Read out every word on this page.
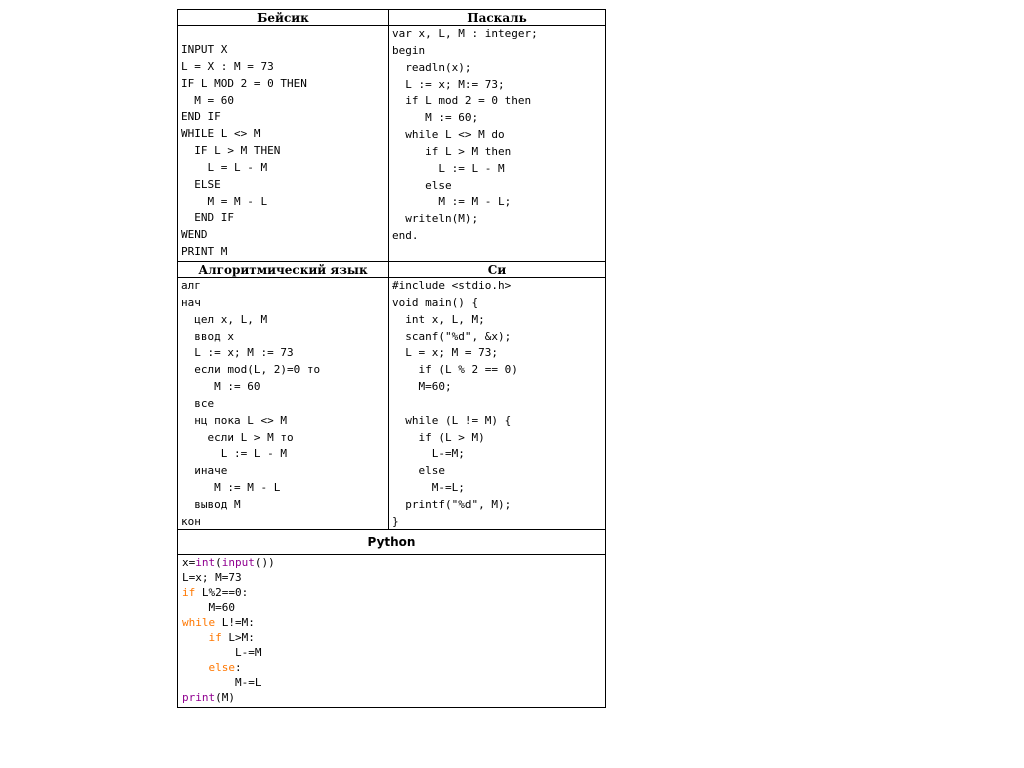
Бейсик	Паскаль
INPUT X
L = X : M = 73
IF L MOD 2 = 0 THEN
M = 60
END IF
WHILE L <> M
IF L > M THEN
L = L - M
ELSE
M = M - L
END IF
WEND
PRINT M
var x, L, M : integer;
begin
readln(x);
L := x; M:= 73;
if L mod 2 = 0 then
M := 60;
while L <> M do
if L > M then
L := L - M
else
M := M - L;
writeln(M);
end.
Алгоритмический язык	Си
алг
нач
цел x, L, M
ввод x
L := x; M := 73
если mod(L, 2)=0 то
M := 60
все
нц пока L <> M
если L > M то
L := L - M
иначе
M := M - L
вывод M
кон
#include <stdio.h>
void main() {
int x, L, M;
scanf("%d", &x);
L = x; M = 73;
if (L % 2 == 0)
M=60;

while (L != M) {
if (L > M)
L-=M;
else
M-=L;
printf("%d", M);
}
Python
x=int(input())
L=x; M=73
if L%2==0:
M=60
while L!=M:
if L>M:
L-=M
else:
M-=L
print(M)
